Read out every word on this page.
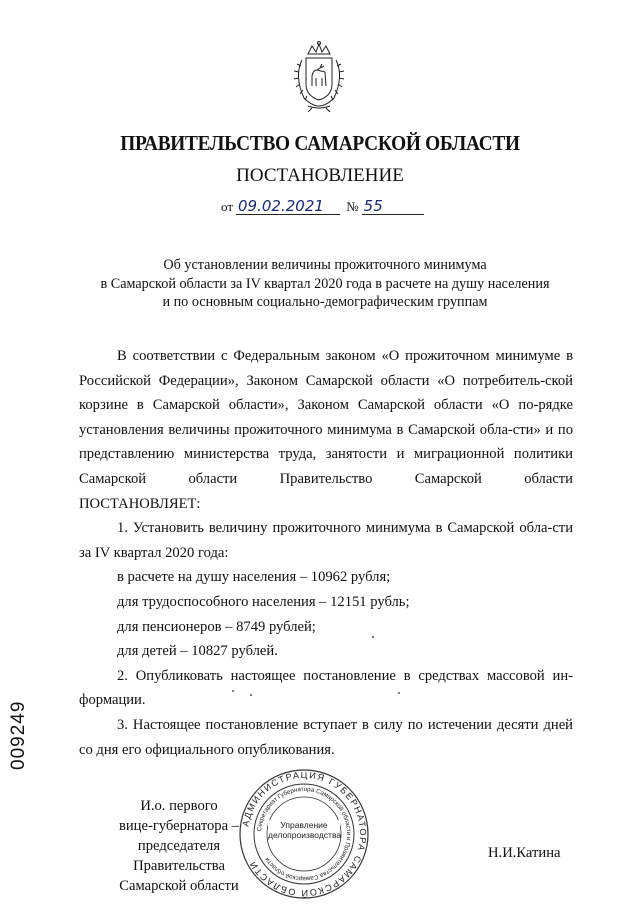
ПРАВИТЕЛЬСТВО САМАРСКОЙ ОБЛАСТИ
ПОСТАНОВЛЕНИЕ
от 09.02.2021 № 55
Об установлении величины прожиточного минимума
в Самарской области за IV квартал 2020 года в расчете на душу населения
и по основным социально-демографическим группам

В соответствии с Федеральным законом «О прожиточном минимуме в Российской Федерации», Законом Самарской области «О потребитель-ской корзине в Самарской области», Законом Самарской области «О по-рядке установления величины прожиточного минимума в Самарской обла-сти» и по представлению министерства труда, занятости и миграционной политики Самарской области Правительство Самарской области

ПОСТАНОВЛЯЕТ:

1. Установить величину прожиточного минимума в Самарской обла-сти за IV квартал 2020 года:

в расчете на душу населения – 10962 рубля;

для трудоспособного населения – 12151 рубль;

для пенсионеров – 8749 рублей;

для детей – 10827 рублей.

2. Опубликовать настоящее постановление в средствах массовой ин-формации.

3. Настоящее постановление вступает в силу по истечении десяти дней со дня его официального опубликования.

009249
И.о. первого
вице-губернатора –
председателя Правительства
Самарской области
АДМИНИСТРАЦИЯ ГУБЕРНАТОРА САМАРСКОЙ ОБЛАСТИ
Секретариат Губернатора Самарской области и Правительства Самарской области
Управление
делопроизводства
Н.И.Катина
